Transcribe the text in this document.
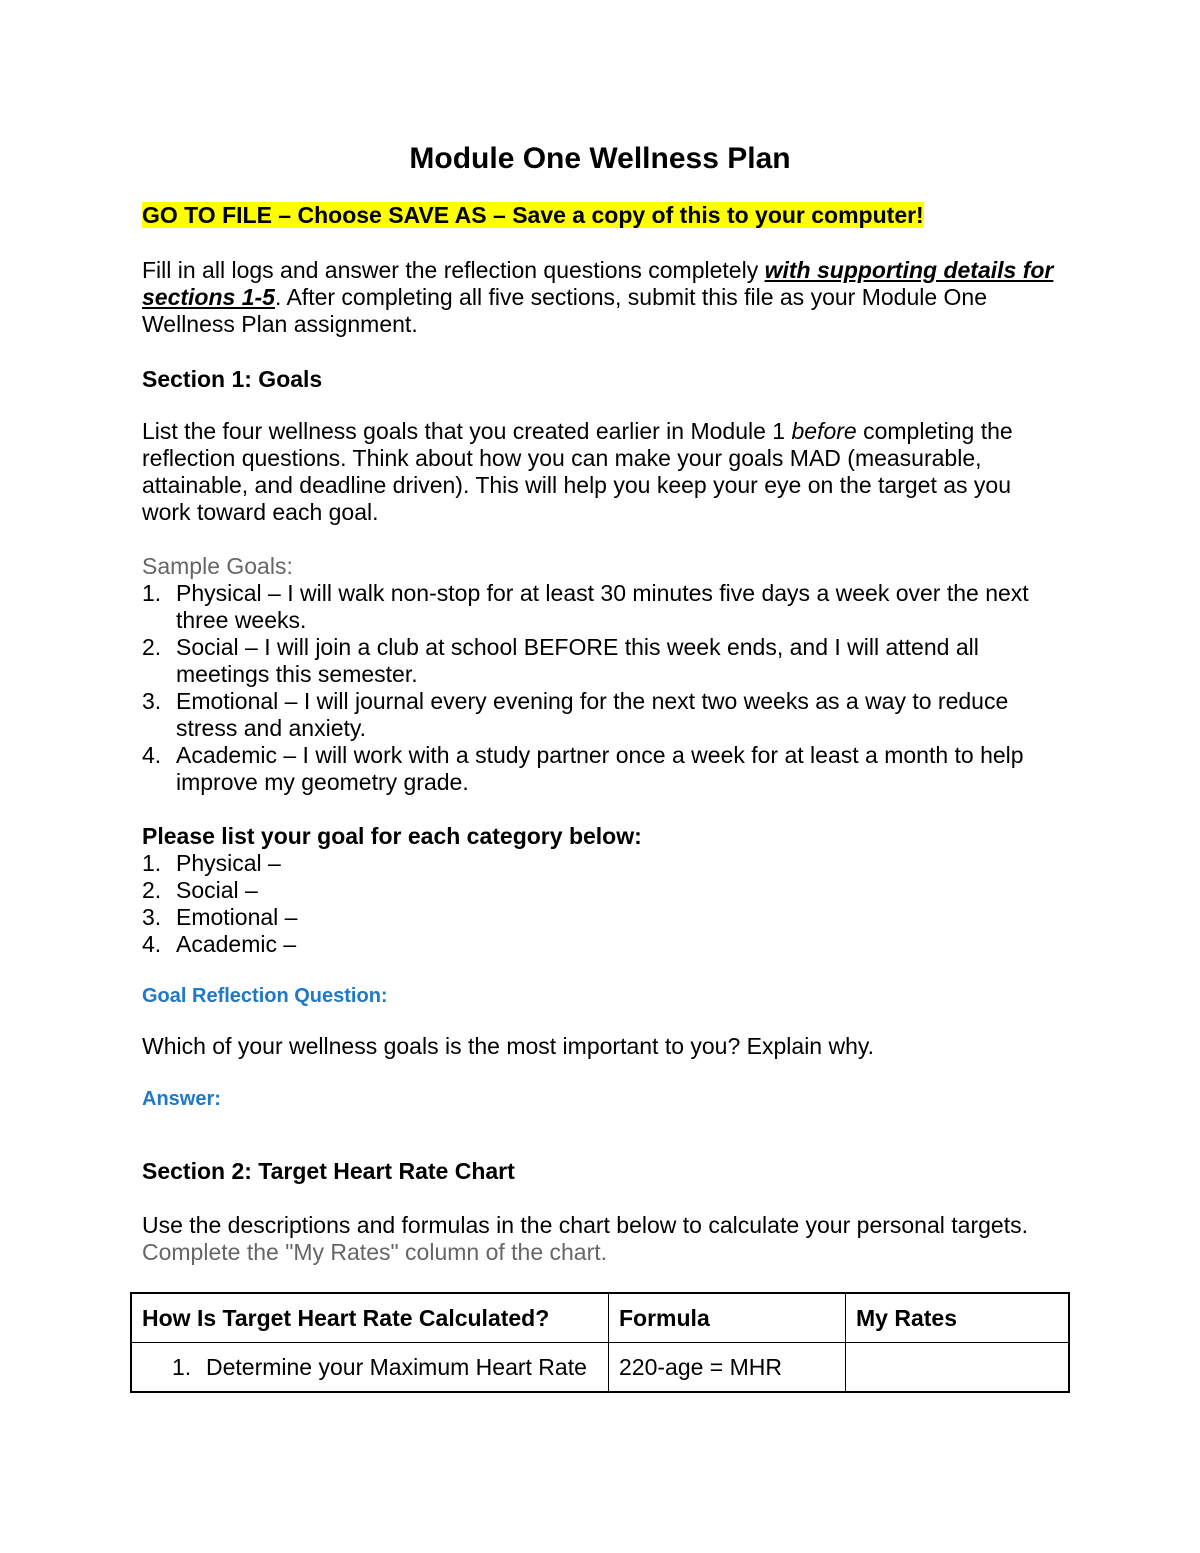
Module One Wellness Plan
GO TO FILE – Choose SAVE AS – Save a copy of this to your computer!
Fill in all logs and answer the reflection questions completely with supporting details for sections 1-5. After completing all five sections, submit this file as your Module One Wellness Plan assignment.
Section 1: Goals
List the four wellness goals that you created earlier in Module 1 before completing the reflection questions. Think about how you can make your goals MAD (measurable, attainable, and deadline driven). This will help you keep your eye on the target as you work toward each goal.
Sample Goals:
1. Physical – I will walk non-stop for at least 30 minutes five days a week over the next three weeks.
2. Social – I will join a club at school BEFORE this week ends, and I will attend all meetings this semester.
3. Emotional – I will journal every evening for the next two weeks as a way to reduce stress and anxiety.
4. Academic – I will work with a study partner once a week for at least a month to help improve my geometry grade.
Please list your goal for each category below:
1. Physical –
2. Social –
3. Emotional –
4. Academic –
Goal Reflection Question:
Which of your wellness goals is the most important to you? Explain why.
Answer:
Section 2: Target Heart Rate Chart
Use the descriptions and formulas in the chart below to calculate your personal targets.
Complete the "My Rates" column of the chart.
How Is Target Heart Rate Calculated?	Formula	My Rates
1. Determine your Maximum Heart Rate	220-age = MHR	
